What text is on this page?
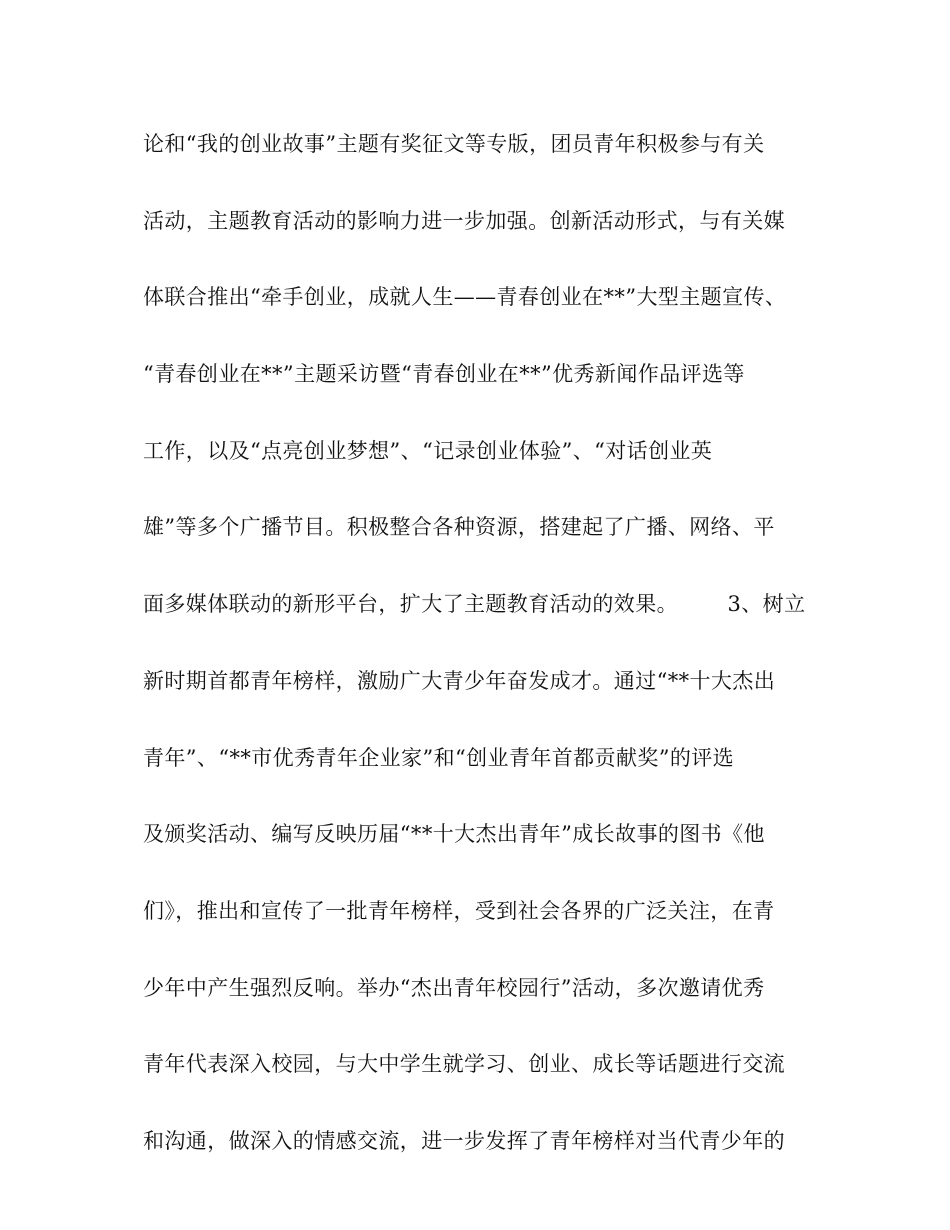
论和“我的创业故事”主题有奖征文等专版，团员青年积极参与有关
活动，主题教育活动的影响力进一步加强。创新活动形式，与有关媒
体联合推出“牵手创业，成就人生——青春创业在**”大型主题宣传、
“青春创业在**”主题采访暨“青春创业在**”优秀新闻作品评选等
工作，以及“点亮创业梦想”、“记录创业体验”、“对话创业英
雄”等多个广播节目。积极整合各种资源，搭建起了广播、网络、平
面多媒体联动的新形平台，扩大了主题教育活动的效果。       3、树立
新时期首都青年榜样，激励广大青少年奋发成才。通过“**十大杰出
青年”、“**市优秀青年企业家”和“创业青年首都贡献奖”的评选
及颁奖活动、编写反映历届“**十大杰出青年”成长故事的图书《他
们》，推出和宣传了一批青年榜样，受到社会各界的广泛关注，在青
少年中产生强烈反响。举办“杰出青年校园行”活动，多次邀请优秀
青年代表深入校园，与大中学生就学习、创业、成长等话题进行交流
和沟通，做深入的情感交流，进一步发挥了青年榜样对当代青少年的
